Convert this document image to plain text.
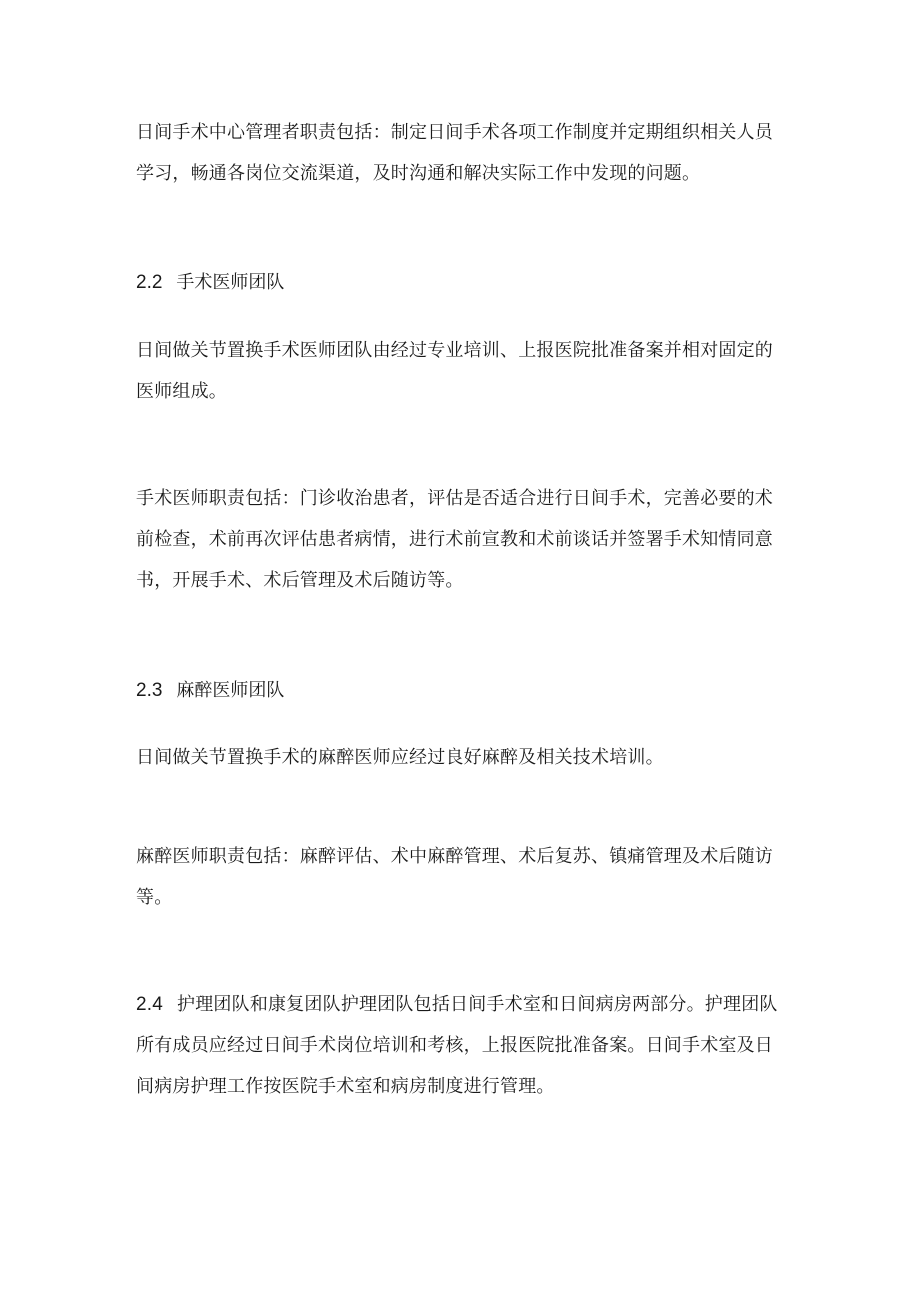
日间手术中心管理者职责包括：制定日间手术各项工作制度并定期组织相关人员
学习，畅通各岗位交流渠道，及时沟通和解决实际工作中发现的问题。

2.2 手术医师团队

日间做关节置换手术医师团队由经过专业培训、上报医院批准备案并相对固定的
医师组成。

手术医师职责包括：门诊收治患者，评估是否适合进行日间手术，完善必要的术
前检查，术前再次评估患者病情，进行术前宣教和术前谈话并签署手术知情同意
书，开展手术、术后管理及术后随访等。

2.3 麻醉医师团队

日间做关节置换手术的麻醉医师应经过良好麻醉及相关技术培训。

麻醉医师职责包括：麻醉评估、术中麻醉管理、术后复苏、镇痛管理及术后随访
等。

2.4 护理团队和康复团队护理团队包括日间手术室和日间病房两部分。护理团队
所有成员应经过日间手术岗位培训和考核，上报医院批准备案。日间手术室及日
间病房护理工作按医院手术室和病房制度进行管理。
